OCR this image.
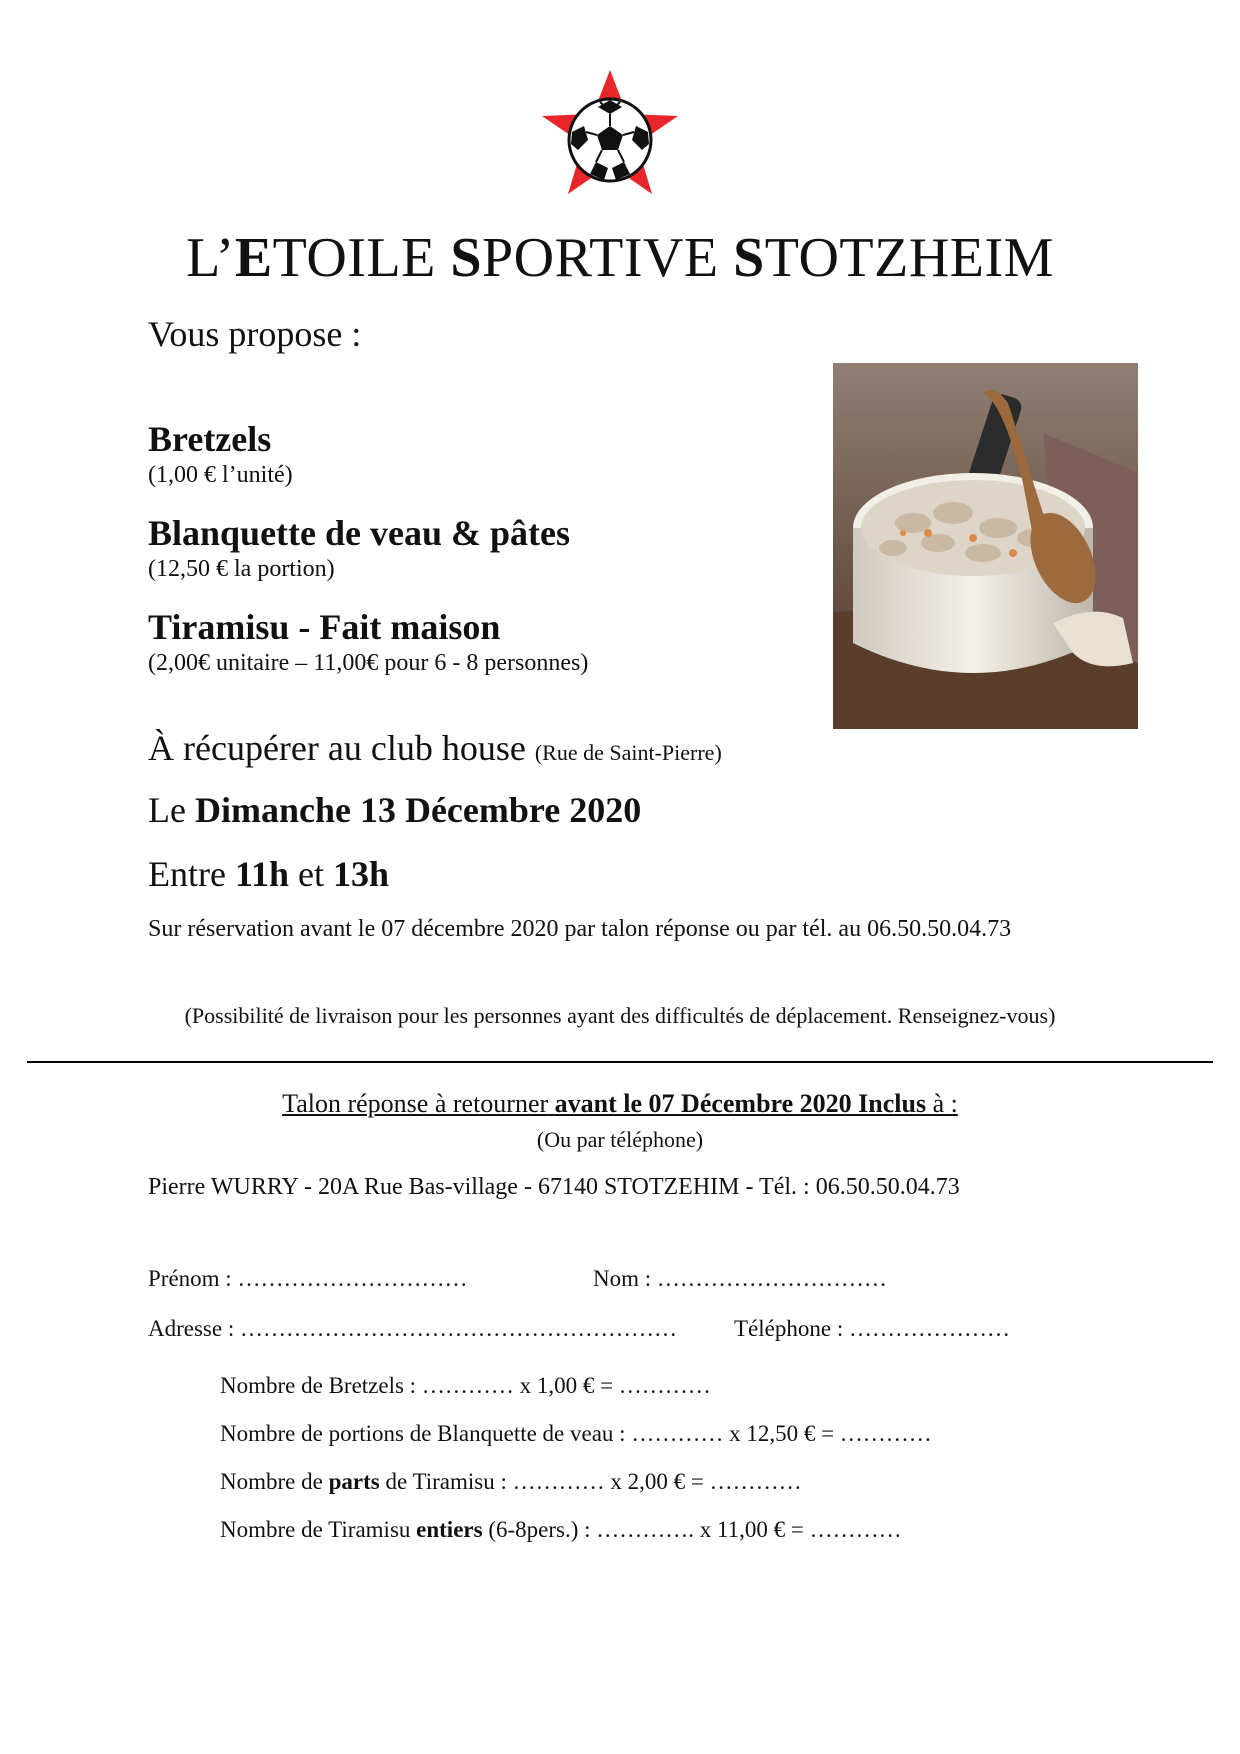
L’ETOILE SPORTIVE STOTZHEIM
Vous propose :
Bretzels
(1,00 € l’unité)
Blanquette de veau & pâtes
(12,50 € la portion)
Tiramisu - Fait maison
(2,00€ unitaire – 11,00€ pour 6 - 8 personnes)
À récupérer au club house (Rue de Saint-Pierre)
Le Dimanche 13 Décembre 2020
Entre 11h et 13h
Sur réservation avant le 07 décembre 2020 par talon réponse ou par tél. au 06.50.50.04.73
(Possibilité de livraison pour les personnes ayant des difficultés de déplacement. Renseignez-vous)
Talon réponse à retourner avant le 07 Décembre 2020 Inclus à :
(Ou par téléphone)
Pierre WURRY - 20A Rue Bas-village - 67140 STOTZEHIM - Tél. : 06.50.50.04.73
Prénom : …………………………	Nom : …………………………
Adresse : ………………………………………………… Téléphone : …………………
Nombre de Bretzels : ………… x 1,00 € = …………
Nombre de portions de Blanquette de veau : ………… x 12,50 € = …………
Nombre de parts de Tiramisu : ………… x 2,00 € = …………
Nombre de Tiramisu entiers (6-8pers.) : …………. x 11,00 € = …………
